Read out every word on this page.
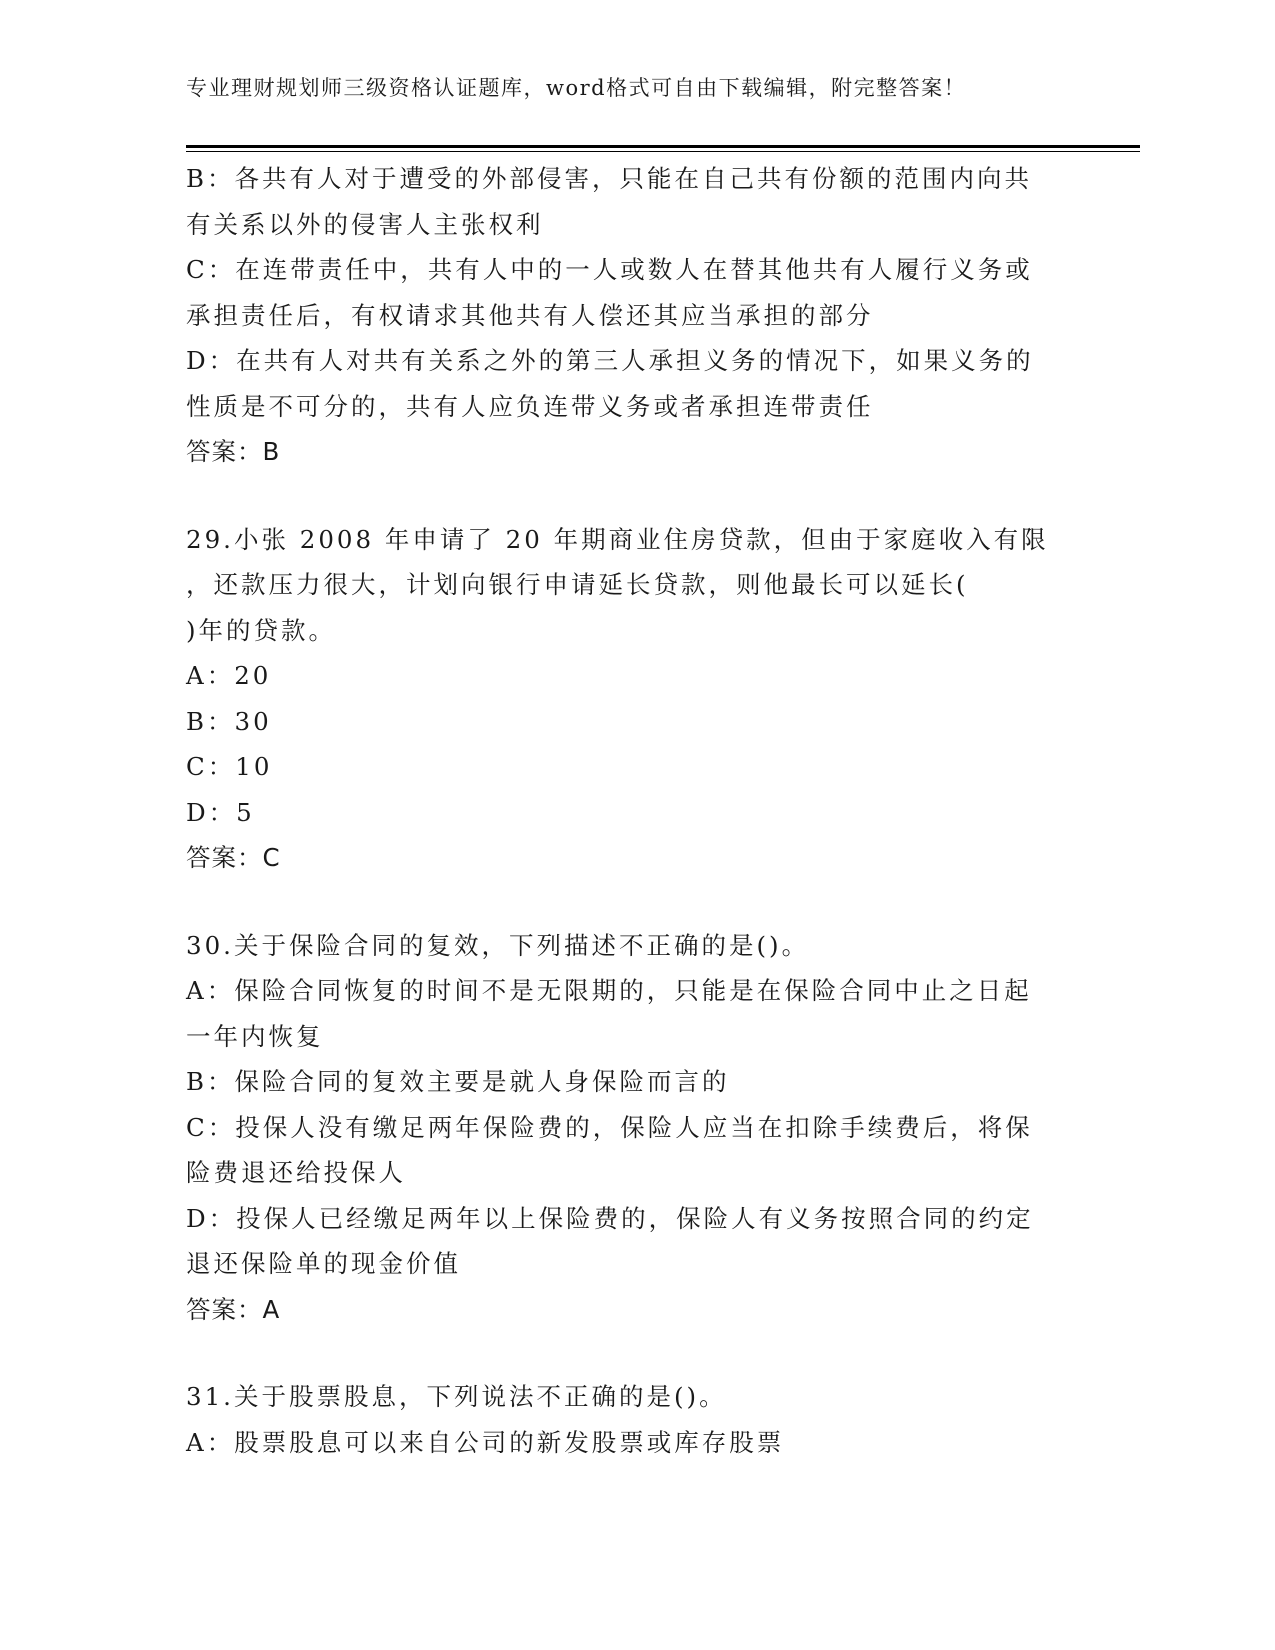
专业理财规划师三级资格认证题库，word格式可自由下载编辑，附完整答案！
B：各共有人对于遭受的外部侵害，只能在自己共有份额的范围内向共
有关系以外的侵害人主张权利
C：在连带责任中，共有人中的一人或数人在替其他共有人履行义务或
承担责任后，有权请求其他共有人偿还其应当承担的部分
D：在共有人对共有关系之外的第三人承担义务的情况下，如果义务的
性质是不可分的，共有人应负连带义务或者承担连带责任
答案：B
29.小张 2008 年申请了 20 年期商业住房贷款，但由于家庭收入有限
，还款压力很大，计划向银行申请延长贷款，则他最长可以延长(
)年的贷款。
A：20
B：30
C：10
D：5
答案：C
30.关于保险合同的复效，下列描述不正确的是()。
A：保险合同恢复的时间不是无限期的，只能是在保险合同中止之日起
一年内恢复
B：保险合同的复效主要是就人身保险而言的
C：投保人没有缴足两年保险费的，保险人应当在扣除手续费后，将保
险费退还给投保人
D：投保人已经缴足两年以上保险费的，保险人有义务按照合同的约定
退还保险单的现金价值
答案：A
31.关于股票股息，下列说法不正确的是()。
A：股票股息可以来自公司的新发股票或库存股票
